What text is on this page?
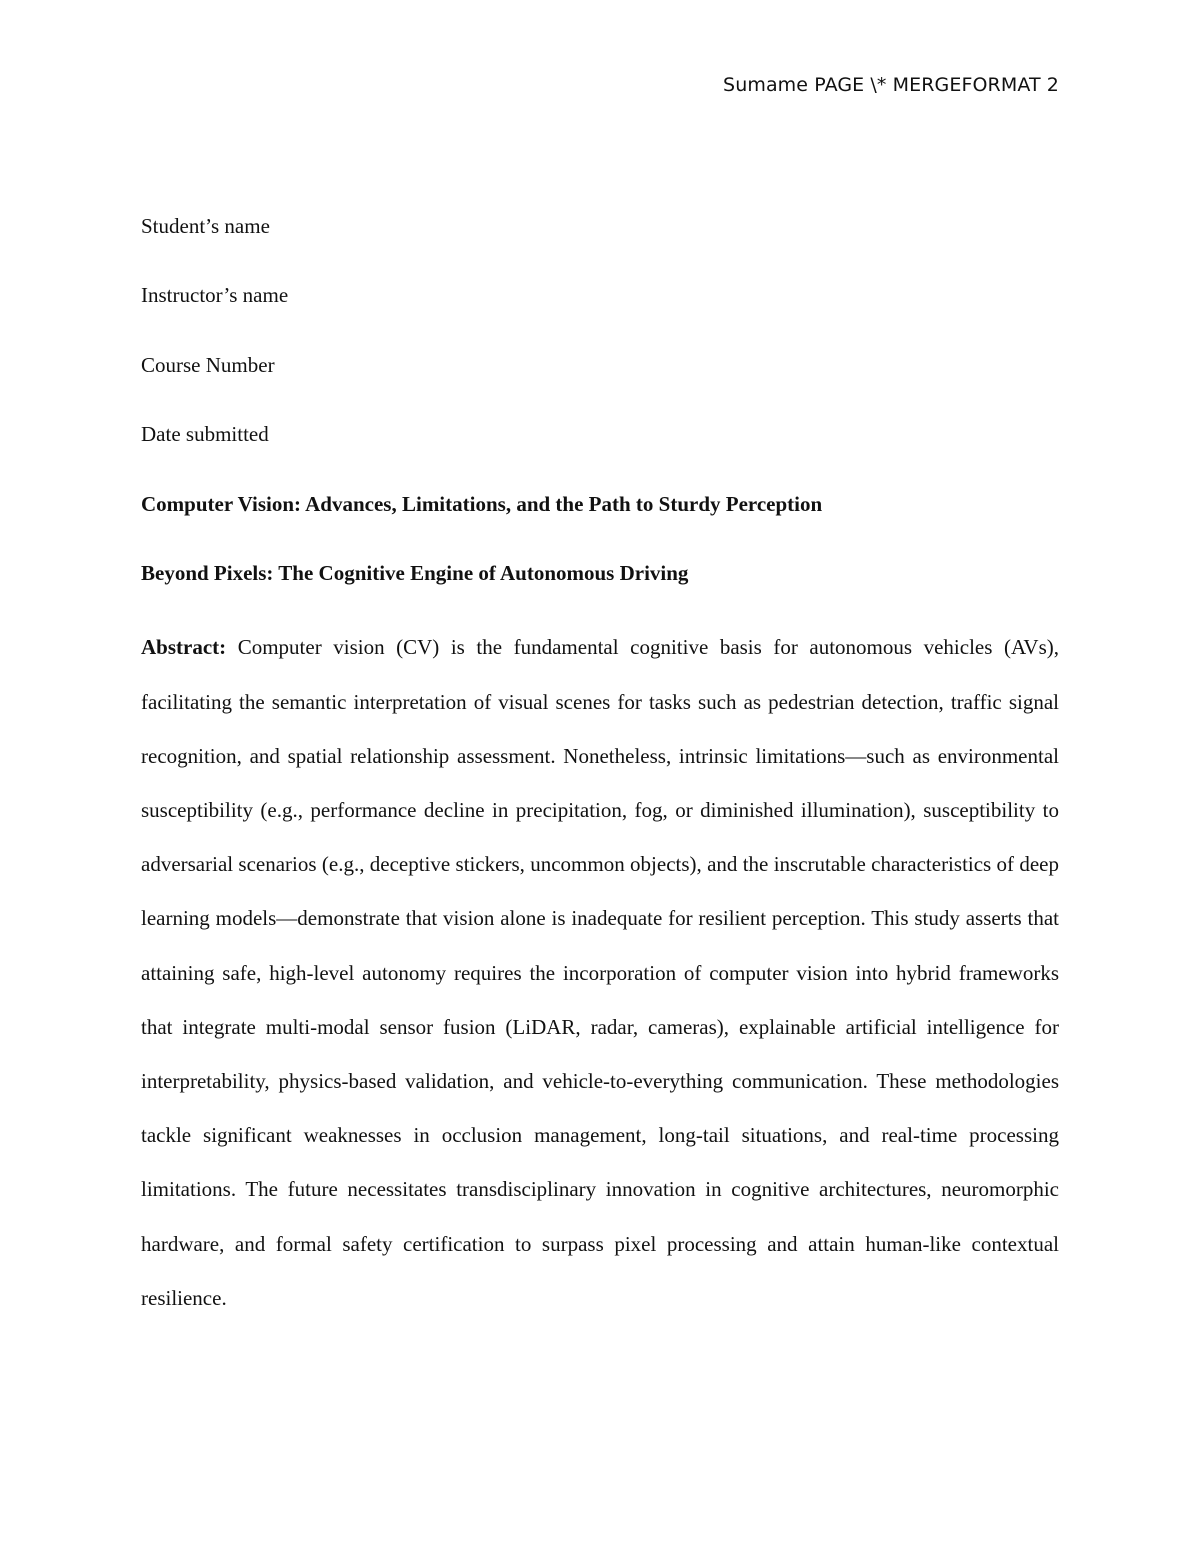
Sumame PAGE \* MERGEFORMAT 2

Student’s name

Instructor’s name

Course Number

Date submitted

Computer Vision: Advances, Limitations, and the Path to Sturdy Perception

Beyond Pixels: The Cognitive Engine of Autonomous Driving

Abstract: Computer vision (CV) is the fundamental cognitive basis for autonomous vehicles (AVs), facilitating the semantic interpretation of visual scenes for tasks such as pedestrian detection, traffic signal recognition, and spatial relationship assessment. Nonetheless, intrinsic limitations—such as environmental susceptibility (e.g., performance decline in precipitation, fog, or diminished illumination), susceptibility to adversarial scenarios (e.g., deceptive stickers, uncommon objects), and the inscrutable characteristics of deep learning models—demonstrate that vision alone is inadequate for resilient perception. This study asserts that attaining safe, high-level autonomy requires the incorporation of computer vision into hybrid frameworks that integrate multi-modal sensor fusion (LiDAR, radar, cameras), explainable artificial intelligence for interpretability, physics-based validation, and vehicle-to-everything communication. These methodologies tackle significant weaknesses in occlusion management, long-tail situations, and real-time processing limitations. The future necessitates transdisciplinary innovation in cognitive architectures, neuromorphic hardware, and formal safety certification to surpass pixel processing and attain human-like contextual resilience.
